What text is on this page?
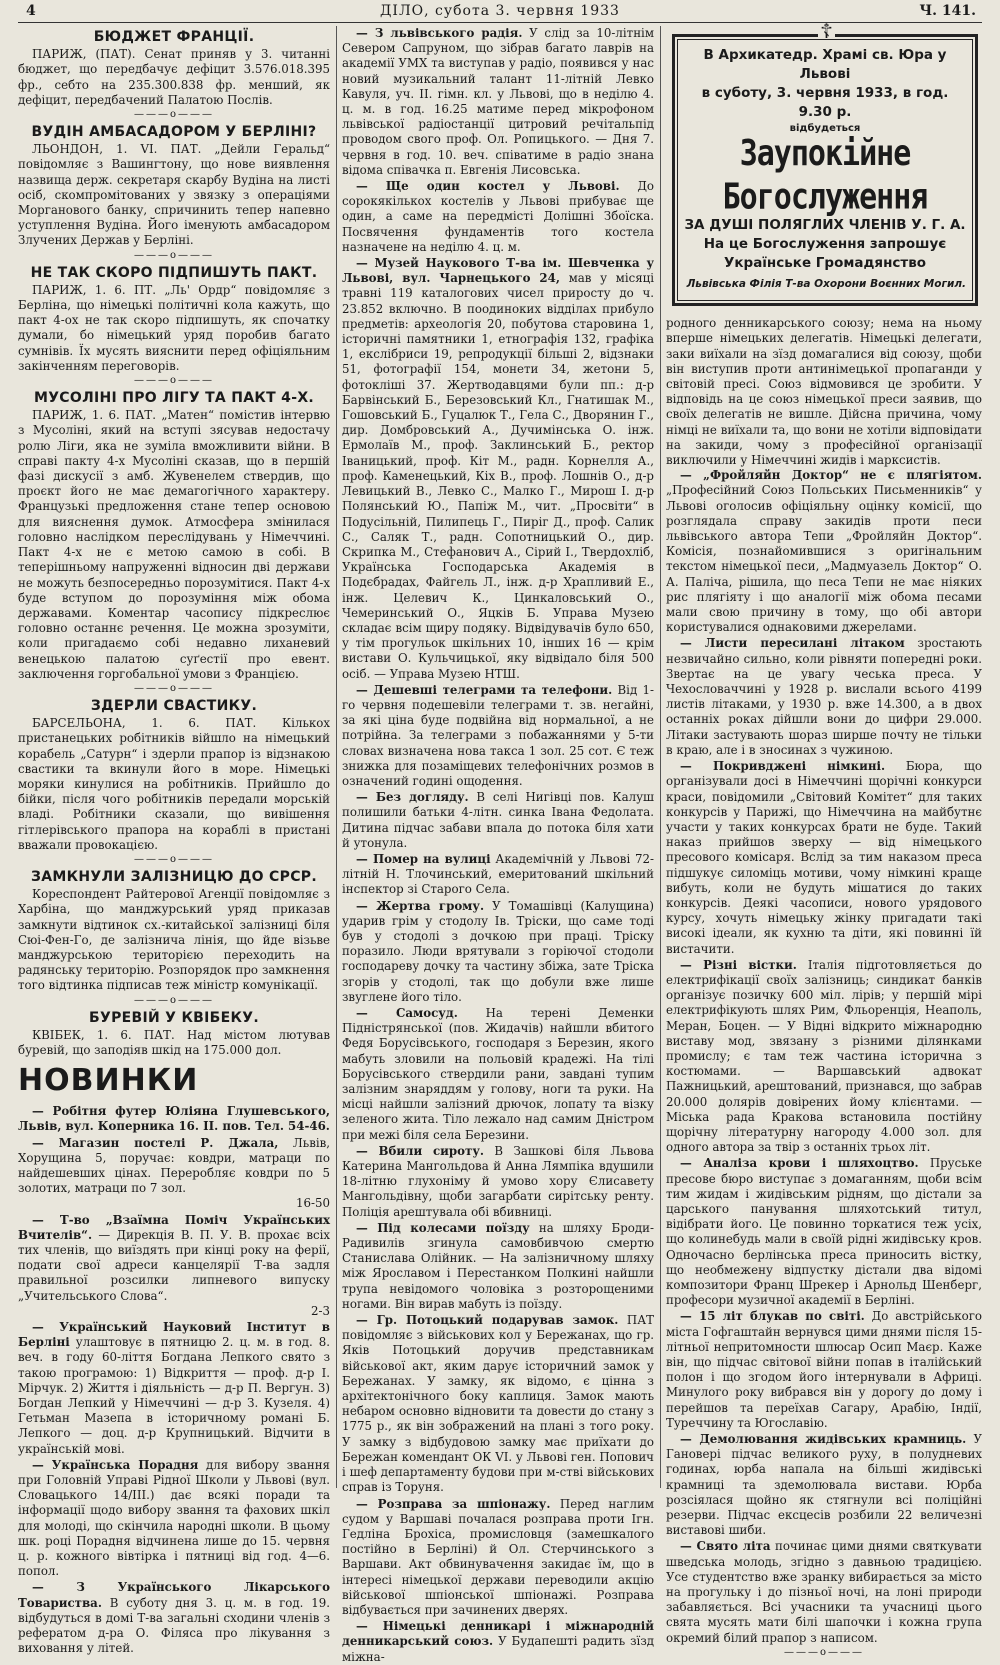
4	ДІЛО, субота 3. червня 1933	Ч. 141.
БЮДЖЕТ ФРАНЦІЇ.

ПАРИЖ, (ПАТ). Сенат приняв у 3. читанні бюджет, що передбачує дефіцит 3.576.018.395 фр., себто на 235.300.838 фр. менший, як дефіцит, передбачений Палатою Послів.

———o———
ВУДІН АМБАСАДОРОМ У БЕРЛІНІ?

ЛЬОНДОН, 1. VI. ПАТ. „Дейли Геральд“ повідомляє з Вашингтону, що нове виявлення назвища держ. секретаря скарбу Вудіна на листі осіб, скомпромітованих у звязку з операціями Морганового банку, спричинить тепер напевно уступлення Вудіна. Його іменують амбасадором Злучених Держав у Берліні.

———o———
НЕ ТАК СКОРО ПІДПИШУТЬ ПАКТ.

ПАРИЖ, 1. 6. ПТ. „Ль' Ордр“ повідомляє з Берліна, що німецькі політичні кола кажуть, що пакт 4-ох не так скоро підпишуть, як спочатку думали, бо німецький уряд поробив багато сумнівів. Їх мусять вияснити перед офіціяльним закінченням переговорів.

———o———
МУСОЛІНІ ПРО ЛІГУ ТА ПАКТ 4-Х.

ПАРИЖ, 1. 6. ПАТ. „Матен“ помістив інтервю з Мусоліні, який на вступі зясував недостачу ролю Ліги, яка не зуміла вможливити війни. В справі пакту 4-х Мусоліні сказав, що в першій фазі дискусії з амб. Жувенелем ствердив, що проєкт його не має демагогічного характеру. Французькі предложення стане тепер основою для вияснення думок. Атмосфера змінилася головно наслідком переслідувань у Німеччині. Пакт 4-х не є метою самою в собі. В теперішньому напруженні відносин дві держави не можуть безпосередньо порозумітися. Пакт 4-х буде вступом до порозуміння між обома державами. Коментар часопису підкреслює головно останнє речення. Це можна зрозуміти, коли пригадаємо собі недавно лиханевий венецькою палатою суґестії про евент. заключення горгобальної умови з Францією.

———o———
ЗДЕРЛИ СВАСТИКУ.

БАРСЕЛЬОНА, 1. 6. ПАТ. Кількох пристанецьких робітників війшло на німецький корабель „Сатурн“ і здерли прапор із відзнакою свастики та вкинули його в море. Німецькі моряки кинулися на робітників. Прийшло до бійки, після чого робітників передали морській владі. Робітники сказали, що вивішення гітлерівського прапора на кораблі в пристані вважали провокацією.

———o———
ЗАМКНУЛИ ЗАЛІЗНИЦЮ ДО СРСР.

Кореспондент Райтерової Агенції повідомляє з Харбіна, що манджурський уряд приказав замкнути відтинок сх.-китайської залізниці біля Сюі-Фен-Го, де залізнича лінія, що йде візьве манджурською територією переходить на радянську територію. Розпорядок про замкнення того відтинка підписав теж міністр комунікації.

———o———
БУРЕВІЙ У КВІБЕКУ.

КВІБЕК, 1. 6. ПАТ. Над містом лютував буревій, що заподіяв шкід на 175.000 дол.

НОВИНКИ

— Робітня футер Юліяна Глушевського, Львів, вул. Коперника 16. II. пов. Тел. 54-46.

— Магазин постелі Р. Джала, Львів, Хорущина 5, поручає: ковдри, матраци по найдешевших цінах. Переробляє ковдри по 5 золотих, матраци по 7 зол.
16-50

— Т-во „Взаїмна Поміч Українських Вчителів“. — Дирекція В. П. У. В. прохає всіх тих членів, що виїздять при кінці року на ферії, подати свої адреси канцелярії Т-ва задля правильної розсилки липневого випуску „Учительського Слова“.
2-3

— Український Науковий Інститут в Берліні улаштовує в пятницю 2. ц. м. в год. 8. веч. в году 60-ліття Богдана Лепкого свято з такою програмою: 1) Відкриття — проф. д-р І. Мірчук. 2) Життя і діяльність — д-р П. Вергун. 3) Богдан Лепкий у Німеччині — д-р З. Кузеля. 4) Гетьман Мазепа в історичному романі Б. Лепкого — доц. д-р Крупницький. Відчити в українській мові.

— Українська Порадня для вибору звання при Головній Управі Рідної Школи у Львові (вул. Словацького 14/ІІІ.) дає всякі поради та інформації щодо вибору звання та фахових шкіл для молоді, що скінчила народні школи. В цьому шк. році Порадня відчинена лише до 15. червня ц. р. кожного вівтірка і пятниці від год. 4—6. попол.

— З Українського Лікарського Товариства. В суботу дня 3. ц. м. в год. 19. відбудуться в домі Т-ва загальні сходини членів з рефератом д-ра О. Філяса про лікування з виховання у літей.

— З львівського радія. У слід за 10-літнім Севером Сапруном, що зібрав багато лаврів на академії УМХ та виступав у радіо, появився у нас новий музикальний талант 11-літній Левко Кавуля, уч. ІІ. гімн. кл. у Львові, що в неділю 4. ц. м. в год. 16.25 матиме перед мікрофоном львівської радіостанції цитровий речітальпід проводом свого проф. Ол. Ропицького. — Дня 7. червня в год. 10. веч. співатиме в радіо знана відома співачка п. Евгенія Лисовська.

— Ще один костел у Львові. До сорокякількох костелів у Львові прибуває ще один, а саме на передмісті Долішні Збоїска. Посвячення фундаментів того костела назначене на неділю 4. ц. м.

— Музей Наукового Т-ва ім. Шевченка у Львові, вул. Чарнецького 24, мав у місяці травні 119 каталогових чисел приросту до ч. 23.852 включно. В поодиноких відділах прибуло предметів: археологія 20, побутова старовина 1, історичні памятники 1, етнографія 132, графіка 1, екслібриси 19, репродукції більші 2, відзнаки 51, фотографії 154, монети 34, жетони 5, фотокліші 37. Жертводавцями були пп.: д-р Барвінський Б., Березовський Кл., Гнатишак М., Гошовський Б., Гуцалюк Т., Гела С., Дворянин Г., дир. Домбровський А., Дучимінська О. інж. Ермолаїв М., проф. Заклинський Б., ректор Іваницький, проф. Кіт М., радн. Корнелля А., проф. Каменецький, Кіх В., проф. Лошнів О., д-р Левицький В., Левко С., Малко Г., Мирош І. д-р Полянський Ю., Папіж М., чит. „Просвіти“ в Подусільній, Пилипець Г., Пиріг Д., проф. Салик С., Саляк Т., радн. Сопотницький О., дир. Скрипка М., Стефанович А., Сірий І., Твердохліб, Українська Господарська Академія в Подєбрадах, Файгель Л., інж. д-р Храпливий Е., інж. Целевич К., Цинкаловський О., Чемеринський О., Яцків Б. Управа Музею складає всім щиру подяку. Відвідувачів було 650, у тім прогульок шкільних 10, інших 16 — крім вистави О. Кульчицької, яку відвідало біля 500 осіб. — Управа Музею НТШ.

— Дешевші телеграми та телефони. Від 1-го червня подешевіли телеграми т. зв. негайні, за які ціна буде подвійна від нормальної, а не потрійна. За телеграми з побажаннями у 5-ти словах визначена нова такса 1 зол. 25 сот. Є теж знижка для позаміщевих телефонічних розмов в означений годині ощодення.

— Без догляду. В селі Нигівці пов. Калуш полишили батьки 4-літн. синка Івана Федолата. Дитина підчас забави впала до потока біля хати й утонула.

— Помер на вулиці Академічній у Львові 72-літній Н. Тлочинський, емеритований шкільний інспектор зі Старого Села.

— Жертва грому. У Томашівці (Калущина) ударив грім у стодолу Ів. Тріски, що саме тоді був у стодолі з дочкою при праці. Тріску поразило. Люди врятували з горіючої стодоли господареву дочку та частину збіжа, зате Тріска згорів у стодолі, так що добули вже лише звуглене його тіло.

— Самосуд. На терені Деменки Підністрянської (пов. Жидачів) найшли вбитого Федя Борусівського, господаря з Березин, якого мабуть зловили на польовій крадежі. На тілі Борусівського ствердили рани, завдані тупим залізним знаряддям у голову, ноги та руки. На місці найшли залізний дрючок, лопату та візку зеленого жита. Тіло лежало над самим Дністром при межі біля села Березини.

— Вбили сироту. В Зашкові біля Львова Катерина Мангольдова й Анна Лямпіка вдушили 18-літню глухоніму й умово хору Єлисавету Мангольдівну, щоби загарбати сирітську ренту. Поліція арештувала обі вбивниці.

— Під колесами поїзду на шляху Броди-Радивилів згинула самовбивчою смертю Станислава Олійник. — На залізничному шляху між Ярославом і Перестанком Полкині найшли трупа невідомого чоловіка з розторощеними ногами. Він вирав мабуть із поїзду.

— Гр. Потоцький подарував замок. ПАТ повідомляє з військових кол у Бережанах, що гр. Яків Потоцький доручив представникам військової акт, яким дарує історичний замок у Бережанах. У замку, як відомо, є цінна з архітектонічного боку каплиця. Замок мають небаром основно відновити та довести до стану з 1775 р., як він зображений на плані з того року. У замку з відбудовою замку має приїхати до Бережан комендант ОК VI. у Львові ген. Попович і шеф департаменту будови при м-стві військових справ із Торуня.

— Розправа за шпіонажу. Перед наглим судом у Варшаві почалася розправа проти Ігн. Гедліна Брохіса, промисловця (замешкалого постійно в Берліні) й Ол. Стерчинського з Варшави. Акт обвинувачення закидає їм, що в інтересі німецької держави переводили акцію військової шпіонської шпіонажі. Розправа відбувається при зачинених дверях.

— Німецькі денникарі і міжнародній денникарський союз. У Будапешті радить зїзд міжна-

☦
В Архикатедр. Храмі св. Юра у Львові
в суботу, 3. червня 1933, в год. 9.30 р.
відбудеться
Заупокійне Богослуження
ЗА ДУШІ ПОЛЯГЛИХ ЧЛЕНІВ У. Г. А.
На це Богослуження запрошує Українське Громадянство
Львівська Філія Т-ва Охорони Воєнних Могил.

родного денникарського союзу; нема на ньому вперше німецьких делегатів. Німецькі делегати, заки виїхали на зїзд домагалися від союзу, щоби він виступив проти антинімецької пропаганди у світовій пресі. Союз відмовився це зробити. У відповідь на це союз німецької преси заявив, що своїх делегатів не вишле. Дійсна причина, чому німці не виїхали та, що вони не хотіли відповідати на закиди, чому з професійної організації виключили у Німеччині жидів і марксистів.

— „Фройляйн Доктор“ не є плягіятом. „Професійний Союз Польських Письменників“ у Львові оголосив офіціяльну оцінку комісії, що розглядала справу закидів проти песи львівського автора Тепи „Фройляйн Доктор“. Комісія, познайомившися з оригінальним текстом німецької песи, „Мадмуазель Доктор“ О. А. Паліча, рішила, що песа Тепи не має ніяких рис плягіяту і що аналогії між обома песами мали свою причину в тому, що обі автори користувалися однаковими джерелами.

— Листи пересилані літаком зростають незвичайно сильно, коли рівняти попередні роки. Звертає на це увагу чеська преса. У Чехословаччині у 1928 р. вислали всього 4199 листів літаками, у 1930 р. вже 14.300, а в двох останніх роках дійшли вони до цифри 29.000. Літаки застувають шораз ширше почту не тільки в краю, але і в зносинах з чужиною.

— Покривджені німкині. Бюра, що організували досі в Німеччині щорічні конкурси краси, повідомили „Світовий Комітет“ для таких конкурсів у Парижі, що Німеччина на майбутнє участи у таких конкурсах брати не буде. Такий наказ прийшов зверху — від німецького пресового комісаря. Вслід за тим наказом преса підшукує силоміць мотиви, чому німкині краще вибуть, коли не будуть мішатися до таких конкурсів. Деякі часописи, нового урядового курсу, хочуть німецьку жінку пригадати такі високі ідеали, як кухню та діти, які повинні їй вистачити.

— Різні вістки. Італія підготовляється до електрифікації своїх залізниць; синдикат банків організує позичку 600 міл. лірів; у першій мірі електрифікують шлях Рим, Фльоренція, Неаполь, Меран, Боцен. — У Відні відкрито міжнародню виставу мод, звязану з різними ділянками промислу; є там теж частина історична з костюмами. — Варшавський адвокат Пажницький, арештований, признався, що забрав 20.000 долярів довірених йому клієнтами. — Міська рада Кракова встановила постійну щорічну літературну нагороду 4.000 зол. для одного автора за твір з останніх трьох літ.

— Аналіза крови і шляхоцтво. Пруське пресове бюро виступає з домаганням, щоби всім тим жидам і жидівським рідням, що дістали за царського панування шляхотський титул, відібрати його. Це повинно торкатися теж усіх, що колинебудь мали в своїй рідні жидівську кров. Одночасно берлінська преса приносить вістку, що необмежену відпустку дістали два відомі композитори Франц Шрекер і Арнольд Шенберг, професори музичної академії в Берліні.

— 15 літ блукав по світі. До австрійського міста Гофгаштайн вернувся цими днями після 15-літньої непритомности шлюсар Осип Маєр. Каже він, що підчас світової війни попав в італійський полон і що згодом його інтернували в Африці. Минулого року вибрався він у дорогу до дому і перейшов та переїхав Сагару, Арабію, Індії, Туреччину та Югославію.

— Демолювання жидівських крамниць. У Гановері підчас великого руху, в полудневих годинах, юрба напала на більші жидівські крамниці та здемолювала вистави. Юрба розсіялася щойно як стягнули всі поліційні резерви. Підчас ексцесів розбили 22 величезні виставові шиби.

— Свято літа починає цими днями святкувати шведська молодь, згідно з давньою традицією. Усе студентство вже зранку вибирається за місто на прогульку і до пізньої ночі, на лоні природи забавляється. Всі учасники та учасниці цього свята мусять мати білі шапочки і кожна група окремий білий прапор з написом.

———o———
